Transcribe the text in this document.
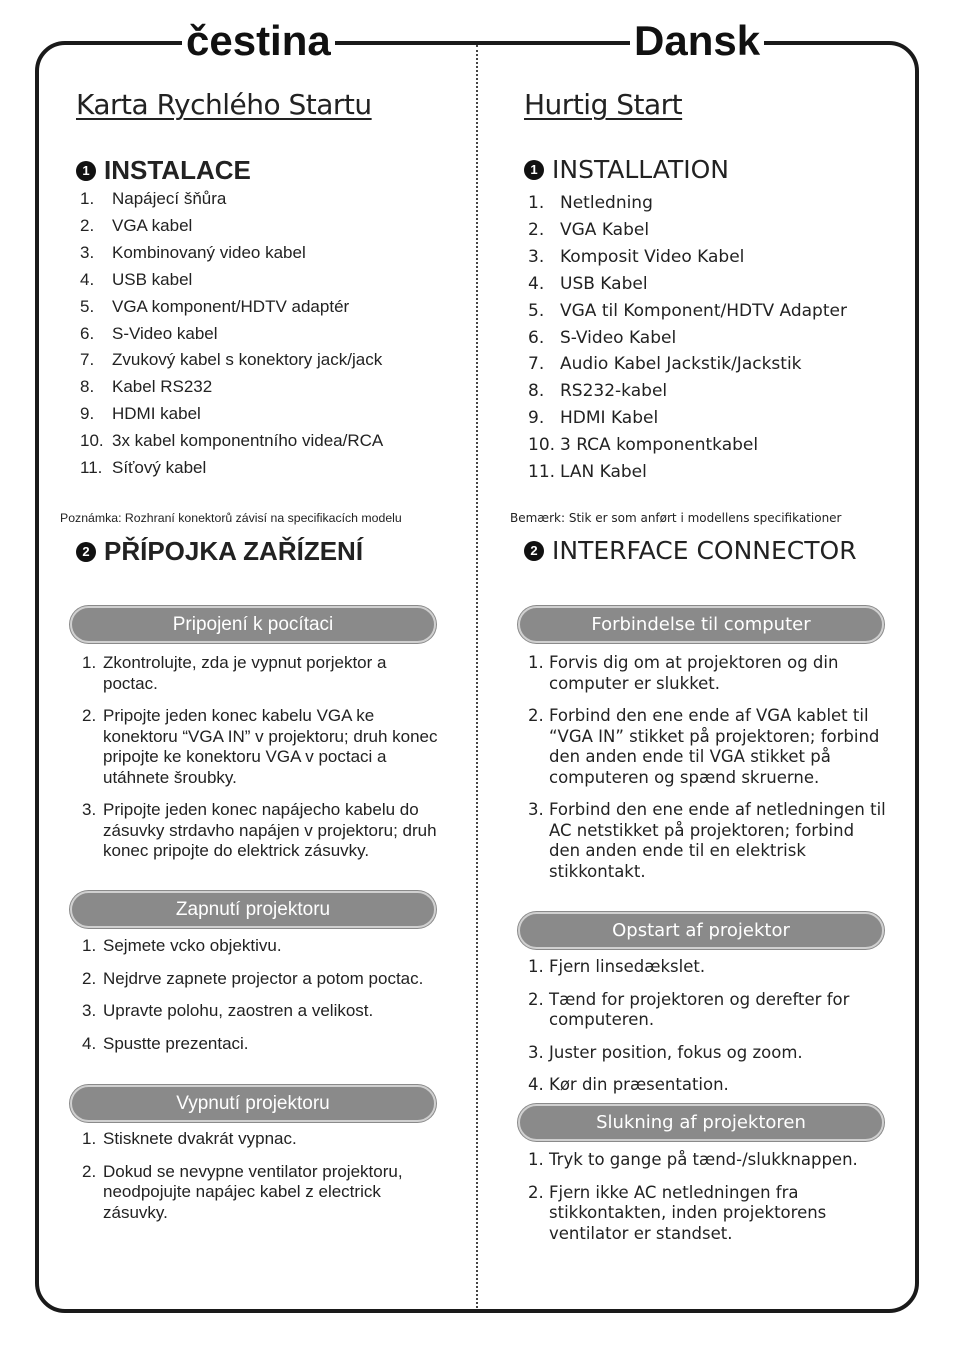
čestina	Dansk
Karta Rychlého Startu
1 INSTALACE
1.	Napájecí šňůra
2.	VGA kabel
3.	Kombinovaný video kabel
4.	USB kabel
5.	VGA komponent/HDTV adaptér
6.	S-Video kabel
7.	Zvukový kabel s konektory jack/jack
8.	Kabel RS232
9.	HDMI kabel
10. 3x kabel komponentního videa/RCA
11. Síťový kabel
Poznámka: Rozhraní konektorů závisí na specifikacích modelu
2 PŘÍPOJKA ZAŘÍZENÍ
Pripojení k pocítaci
1. Zkontrolujte, zda je vypnut porjektor a poctac.
2. Pripojte jeden konec kabelu VGA ke konektoru “VGA IN” v projektoru; druh konec pripojte ke konektoru VGA v poctaci a utáhnete šroubky.
3. Pripojte jeden konec napájecho kabelu do zásuvky strdavho napájen v projektoru; druh konec pripojte do elektrick zásuvky.
Zapnutí projektoru
1. Sejmete vcko objektivu.
2. Nejdrve zapnete projector a potom poctac.
3. Upravte polohu, zaostren a velikost.
4. Spustte prezentaci.
Vypnutí projektoru
1. Stisknete dvakrát vypnac.
2. Dokud se nevypne ventilator projektoru, neodpojujte napájec kabel z electrick zásuvky.
Hurtig Start
1 INSTALLATION
1. Netledning
2. VGA Kabel
3. Komposit Video Kabel
4. USB Kabel
5. VGA til Komponent/HDTV Adapter
6. S-Video Kabel
7. Audio Kabel Jackstik/Jackstik
8. RS232-kabel
9. HDMI Kabel
10. 3 RCA komponentkabel
11. LAN Kabel
Bemærk: Stik er som anført i modellens specifikationer
2 INTERFACE CONNECTOR
Forbindelse til computer
1. Forvis dig om at projektoren og din computer er slukket.
2. Forbind den ene ende af VGA kablet til “VGA IN” stikket på projektoren; forbind den anden ende til VGA stikket på computeren og spænd skruerne.
3. Forbind den ene ende af netledningen til AC netstikket på projektoren; forbind den anden ende til en elektrisk stikkontakt.
Opstart af projektor
1. Fjern linsedækslet.
2. Tænd for projektoren og derefter for computeren.
3. Juster position, fokus og zoom.
4. Kør din præsentation.
Slukning af projektoren
1. Tryk to gange på tænd-/slukknappen.
2. Fjern ikke AC netledningen fra stikkontakten, inden projektorens ventilator er standset.
